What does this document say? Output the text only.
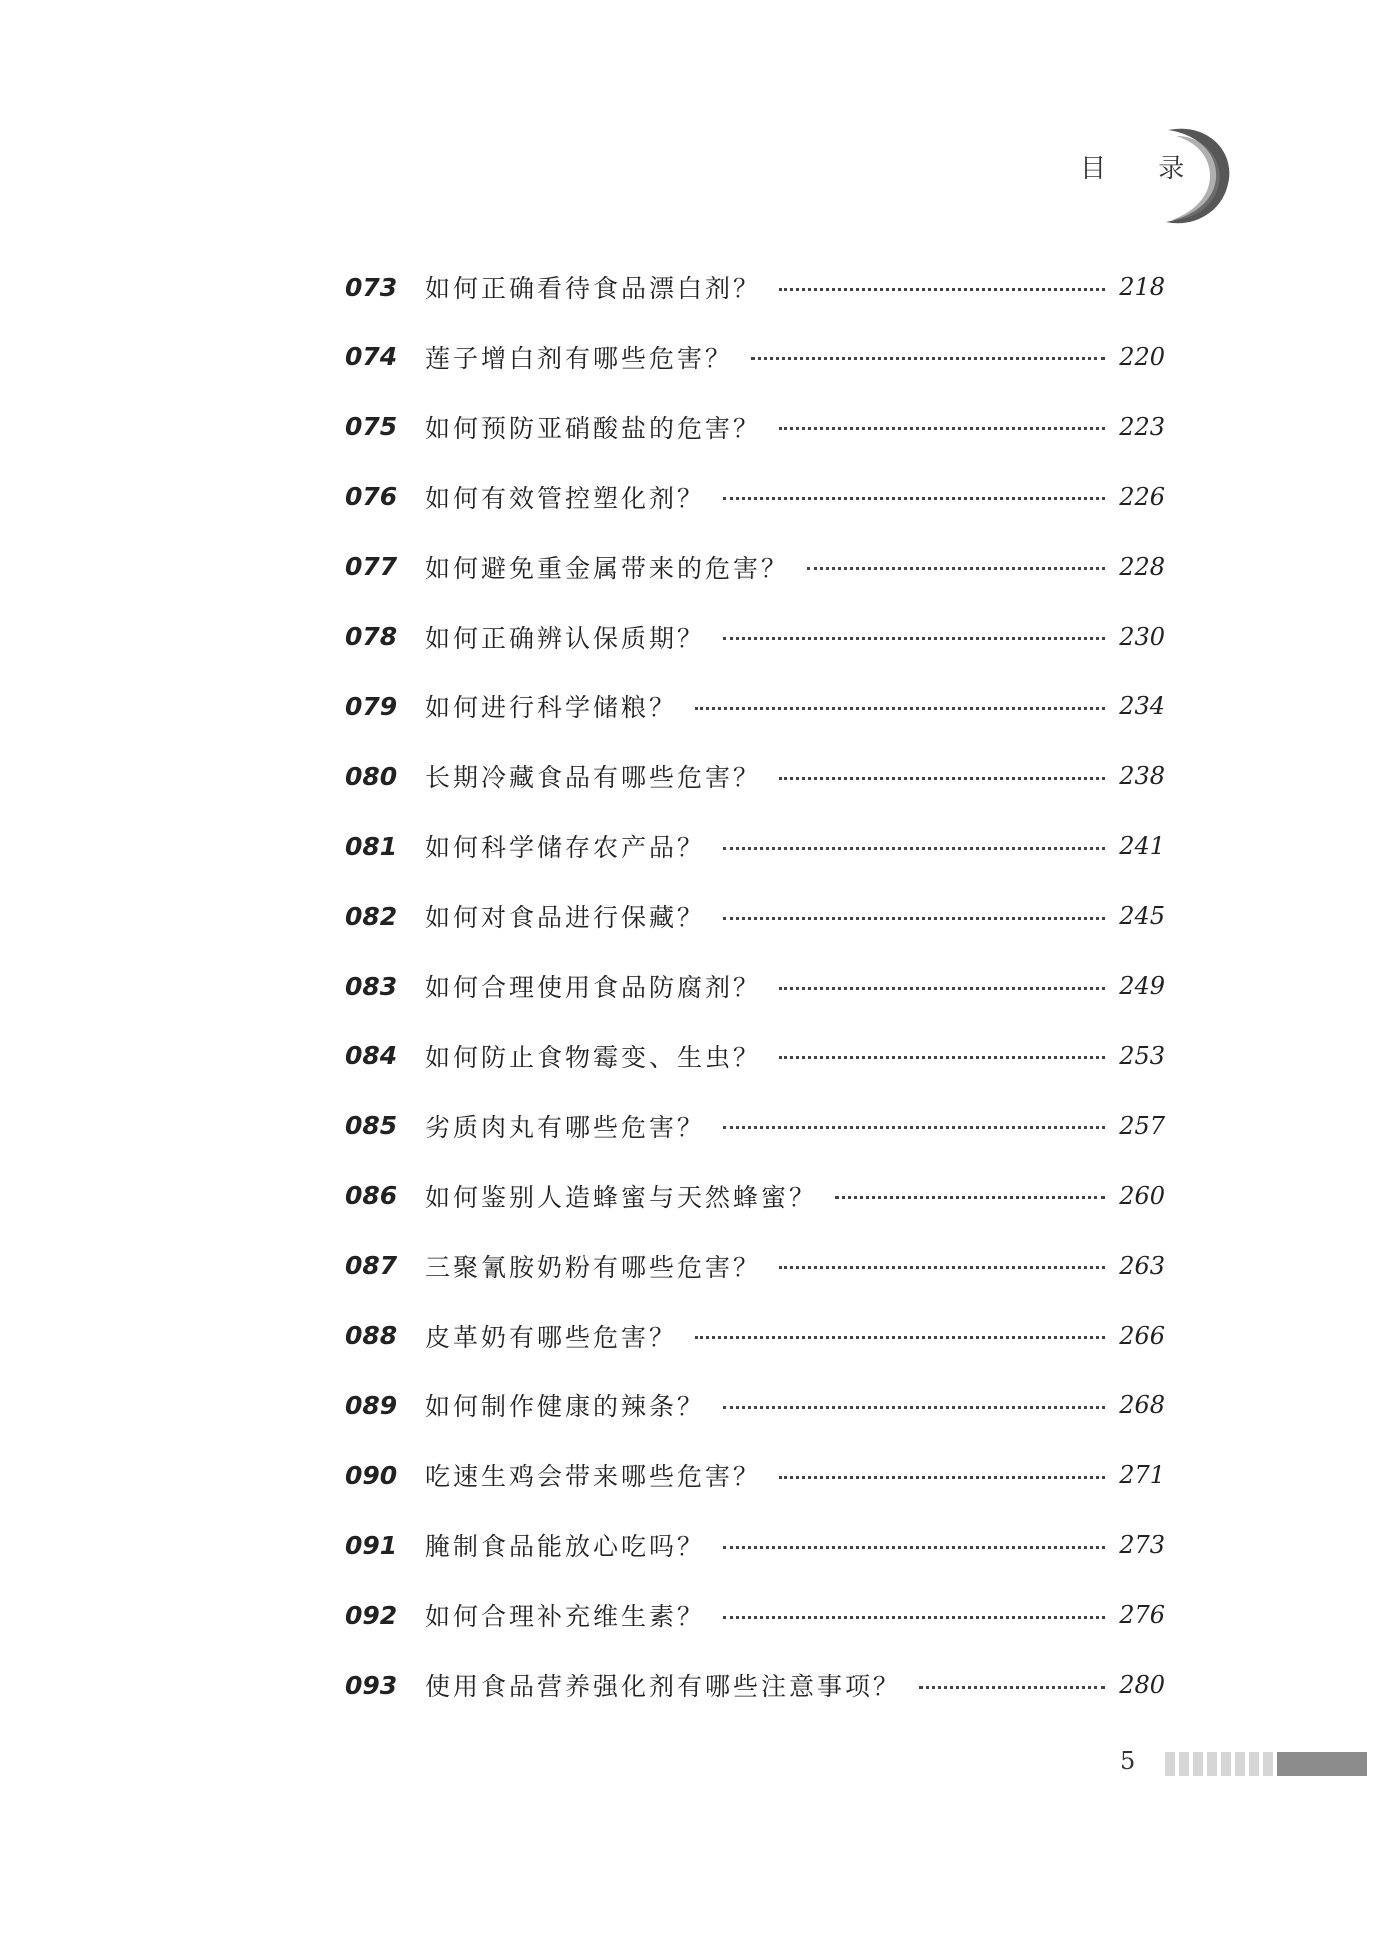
目 录
073	如何正确看待食品漂白剂？	218
074	莲子增白剂有哪些危害？	220
075	如何预防亚硝酸盐的危害？	223
076	如何有效管控塑化剂？	226
077	如何避免重金属带来的危害？	228
078	如何正确辨认保质期？	230
079	如何进行科学储粮？	234
080	长期冷藏食品有哪些危害？	238
081	如何科学储存农产品？	241
082	如何对食品进行保藏？	245
083	如何合理使用食品防腐剂？	249
084	如何防止食物霉变、生虫？	253
085	劣质肉丸有哪些危害？	257
086	如何鉴别人造蜂蜜与天然蜂蜜？	260
087	三聚氰胺奶粉有哪些危害？	263
088	皮革奶有哪些危害？	266
089	如何制作健康的辣条？	268
090	吃速生鸡会带来哪些危害？	271
091	腌制食品能放心吃吗？	273
092	如何合理补充维生素？	276
093	使用食品营养强化剂有哪些注意事项？	280
5
